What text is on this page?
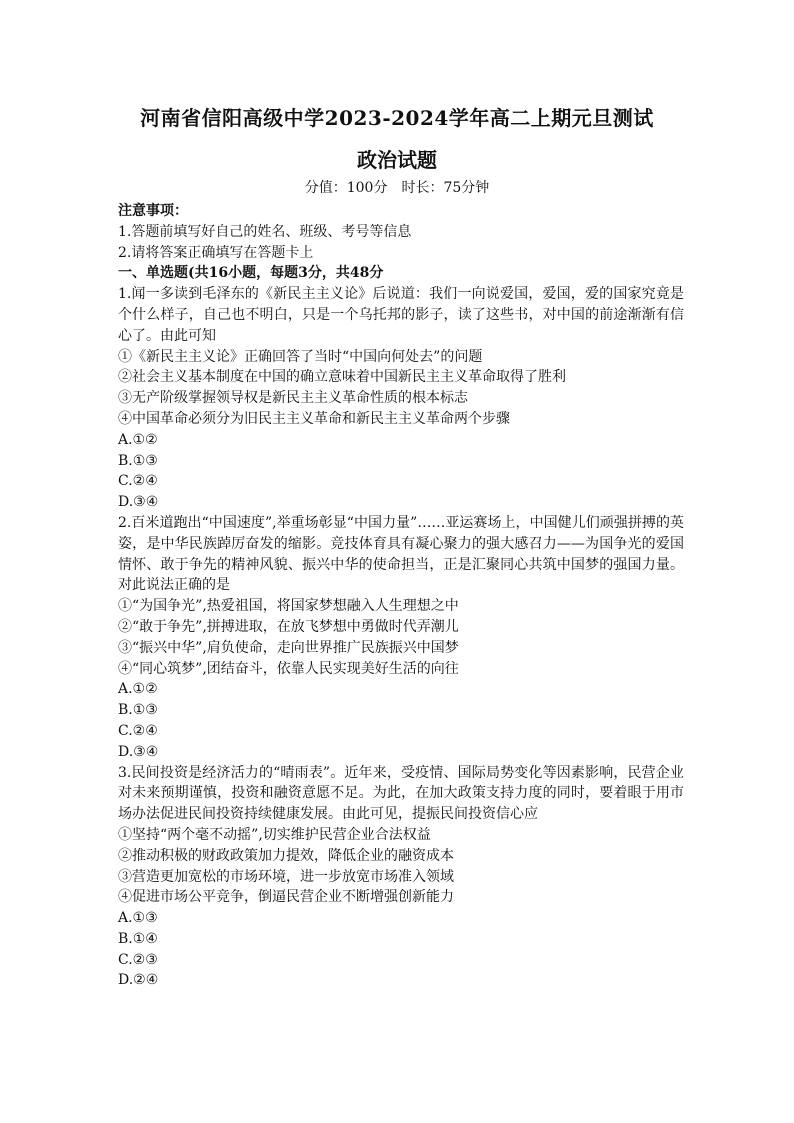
河南省信阳高级中学2023-2024学年高二上期元旦测试
政治试题
分值：100分 时长：75分钟
注意事项：
1.答题前填写好自己的姓名、班级、考号等信息
2.请将答案正确填写在答题卡上
一、单选题(共16小题，每题3分，共48分
1.闻一多读到毛泽东的《新民主主义论》后说道：我们一向说爱国，爱国，爱的国家究竟是个什么样子，自己也不明白，只是一个乌托邦的影子，读了这些书，对中国的前途渐渐有信心了。由此可知
①《新民主主义论》正确回答了当时“中国向何处去”的问题
②社会主义基本制度在中国的确立意味着中国新民主主义革命取得了胜利
③无产阶级掌握领导权是新民主主义革命性质的根本标志
④中国革命必须分为旧民主主义革命和新民主主义革命两个步骤
A.①②
B.①③
C.②④
D.③④
2.百米道跑出“中国速度”,举重场彰显“中国力量”……亚运赛场上，中国健儿们顽强拼搏的英姿，是中华民族踔厉奋发的缩影。竞技体育具有凝心聚力的强大感召力——为国争光的爱国情怀、敢于争先的精神风貌、振兴中华的使命担当，正是汇聚同心共筑中国梦的强国力量。对此说法正确的是
①“为国争光”,热爱祖国，将国家梦想融入人生理想之中
②“敢于争先”,拼搏进取，在放飞梦想中勇做时代弄潮儿
③“振兴中华”,肩负使命，走向世界推广民族振兴中国梦
④“同心筑梦”,团结奋斗，依靠人民实现美好生活的向往
A.①②
B.①③
C.②④
D.③④
3.民间投资是经济活力的“晴雨表”。近年来，受疫情、国际局势变化等因素影响，民营企业对未来预期谨慎，投资和融资意愿不足。为此，在加大政策支持力度的同时，要着眼于用市场办法促进民间投资持续健康发展。由此可见，提振民间投资信心应
①坚持“两个毫不动摇”,切实维护民营企业合法权益
②推动积极的财政政策加力提效，降低企业的融资成本
③营造更加宽松的市场环境，进一步放宽市场准入领域
④促进市场公平竞争，倒逼民营企业不断增强创新能力
A.①③
B.①④
C.②③
D.②④
